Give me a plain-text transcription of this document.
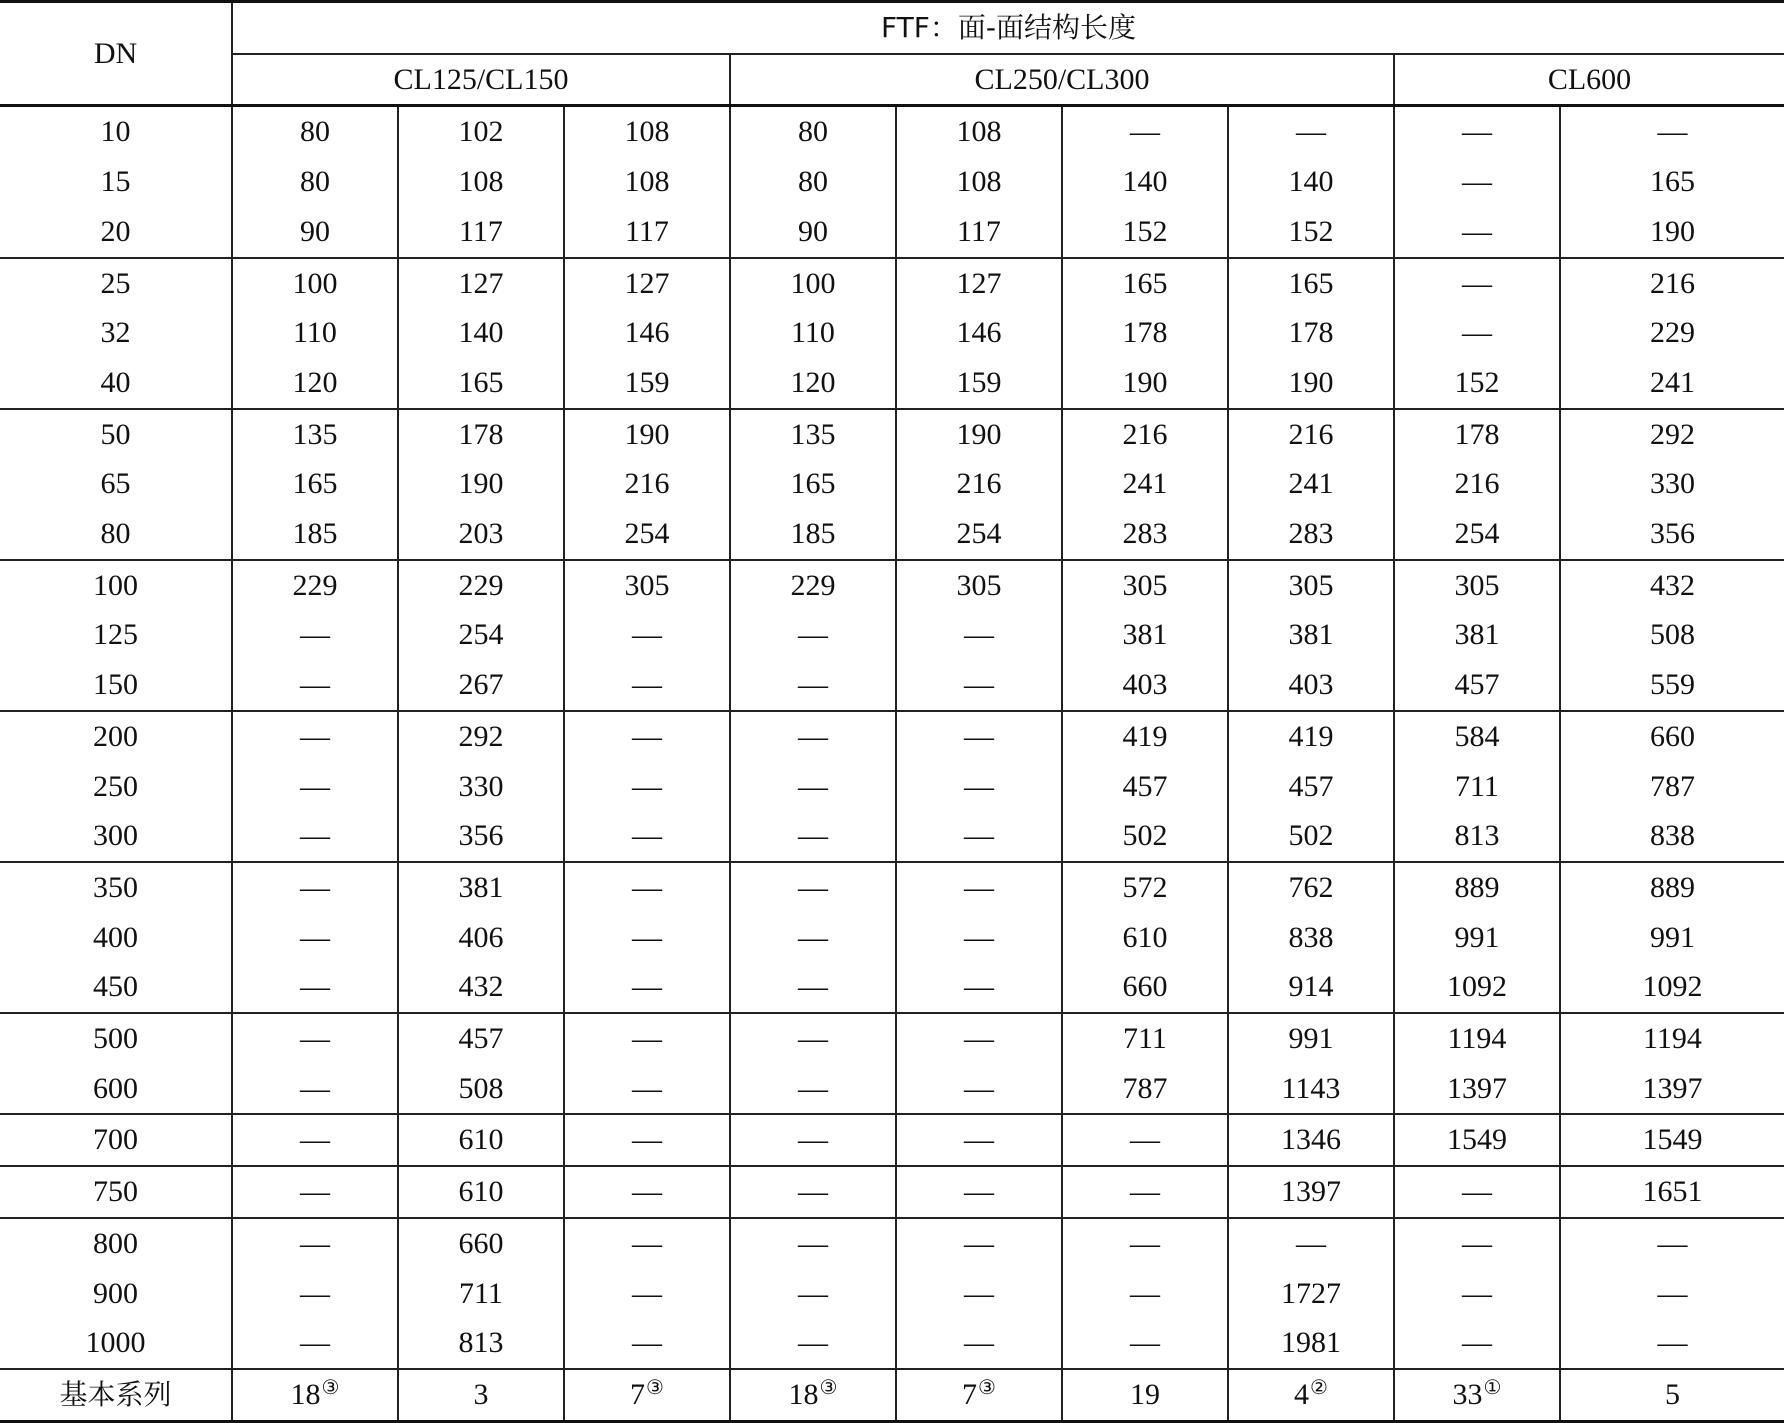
DN	FTF：面-面结构长度								
	CL125/CL150			CL250/CL300				CL600	
10	80	102	108	80	108	—	—	—	—
15	80	108	108	80	108	140	140	—	165
20	90	117	117	90	117	152	152	—	190
25	100	127	127	100	127	165	165	—	216
32	110	140	146	110	146	178	178	—	229
40	120	165	159	120	159	190	190	152	241
50	135	178	190	135	190	216	216	178	292
65	165	190	216	165	216	241	241	216	330
80	185	203	254	185	254	283	283	254	356
100	229	229	305	229	305	305	305	305	432
125	—	254	—	—	—	381	381	381	508
150	—	267	—	—	—	403	403	457	559
200	—	292	—	—	—	419	419	584	660
250	—	330	—	—	—	457	457	711	787
300	—	356	—	—	—	502	502	813	838
350	—	381	—	—	—	572	762	889	889
400	—	406	—	—	—	610	838	991	991
450	—	432	—	—	—	660	914	1092	1092
500	—	457	—	—	—	711	991	1194	1194
600	—	508	—	—	—	787	1143	1397	1397
700	—	610	—	—	—	—	1346	1549	1549
750	—	610	—	—	—	—	1397	—	1651
800	—	660	—	—	—	—	—	—	—
900	—	711	—	—	—	—	1727	—	—
1000	—	813	—	—	—	—	1981	—	—
基本系列	18③	3	7③	18③	7③	19	4②	33①	5
